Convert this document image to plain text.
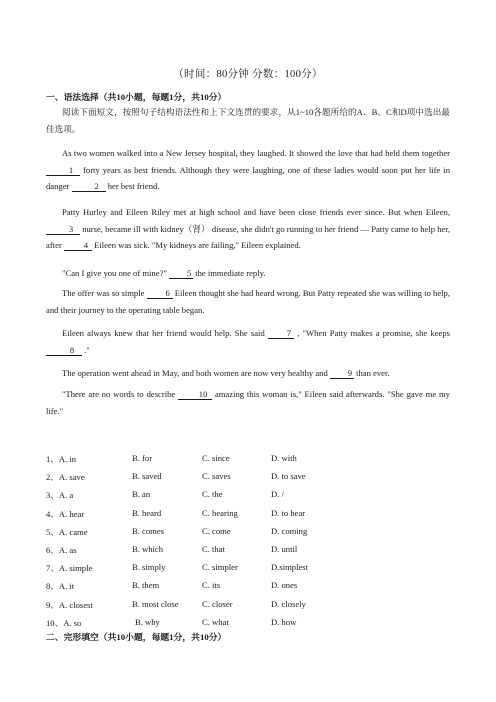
（时间：80分钟 分数：100分）
一、语法选择（共10小题，每题1分，共10分）
阅读下面短文，按照句子结构语法性和上下文连贯的要求，从1~10各题所给的A、B、C和D项中选出最佳选项。
As two women walked into a New Jersey hospital, they laughed. It showed the love that had held them together 1 forty years as best friends. Although they were laughing, one of these ladies would soon put her life in danger	2 her best friend.
Patty Hurley and Eileen Riley met at high school and have been close friends ever since. But when Eileen, 3 nurse, became ill with kidney（肾） disease, she didn't go running to her friend — Patty came to help her, after	4 Eileen was sick. "My kidneys are failing," Eileen explained.
"Can I give you one of mine?" 5 the immediate reply.
The offer was so simple 6 Eileen thought she had heard wrong. But Patty repeated she was willing to help, and their journey to the operating table began.
Eileen always knew that her friend would help. She said	7 , "When Patty makes a promise, she keeps 8 ."
The operation went ahead in May, and both women are now very healthy and 9 than ever.
"There are no words to describe	10 amazing this woman is," Eileen said afterwards. "She gave me my life."
1、A. in	B. for	C. since	D. with
2、A. save	B. saved	C. saves	D. to save
3、A. a	B. an	C. the	D. /
4、A. hear	B. heard	C. hearing	D. to hear
5、A. came	B. comes	C. come	D. coming
6、A. as	B. which	C. that	D. until
7、A. simple	B. simply	C. simpler	D.simplest
8、A. it	B. them	C. its	D. ones
9、A. closest	B. most close	C. closer	D. closely
10、A. so	B. why	C. what	D. how
二、完形填空（共10小题，每题1分，共10分）
